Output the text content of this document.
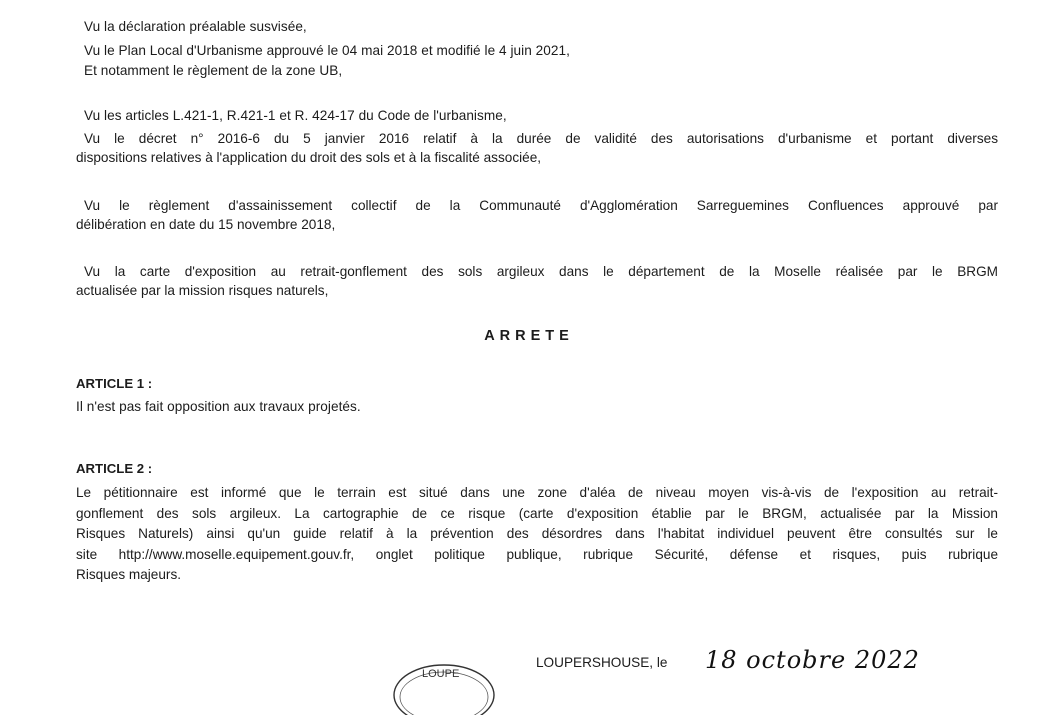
Vu la déclaration préalable susvisée,
Vu le Plan Local d'Urbanisme approuvé le 04 mai 2018 et modifié le 4 juin 2021,
Et notamment le règlement de la zone UB,
Vu les articles L.421-1, R.421-1 et R. 424-17 du Code de l'urbanisme,
Vu le décret n° 2016-6 du 5 janvier 2016 relatif à la durée de validité des autorisations d'urbanisme et portant diverses
dispositions relatives à l'application du droit des sols et à la fiscalité associée,
Vu le règlement d'assainissement collectif de la Communauté d'Agglomération Sarreguemines Confluences approuvé par
délibération en date du 15 novembre 2018,
Vu la carte d'exposition au retrait-gonflement des sols argileux dans le département de la Moselle réalisée par le BRGM
actualisée par la mission risques naturels,
ARRETE
ARTICLE 1 :
Il n'est pas fait opposition aux travaux projetés.
ARTICLE 2 :
Le pétitionnaire est informé que le terrain est situé dans une zone d'aléa de niveau moyen vis-à-vis de l'exposition au retrait-
gonflement des sols argileux. La cartographie de ce risque (carte d'exposition établie par le BRGM, actualisée par la Mission
Risques Naturels) ainsi qu'un guide relatif à la prévention des désordres dans l'habitat individuel peuvent être consultés sur le
site http://www.moselle.equipement.gouv.fr, onglet politique publique, rubrique Sécurité, défense et risques, puis rubrique
Risques majeurs.
LOUPE
LOUPERSHOUSE, le 18 octobre 2022
